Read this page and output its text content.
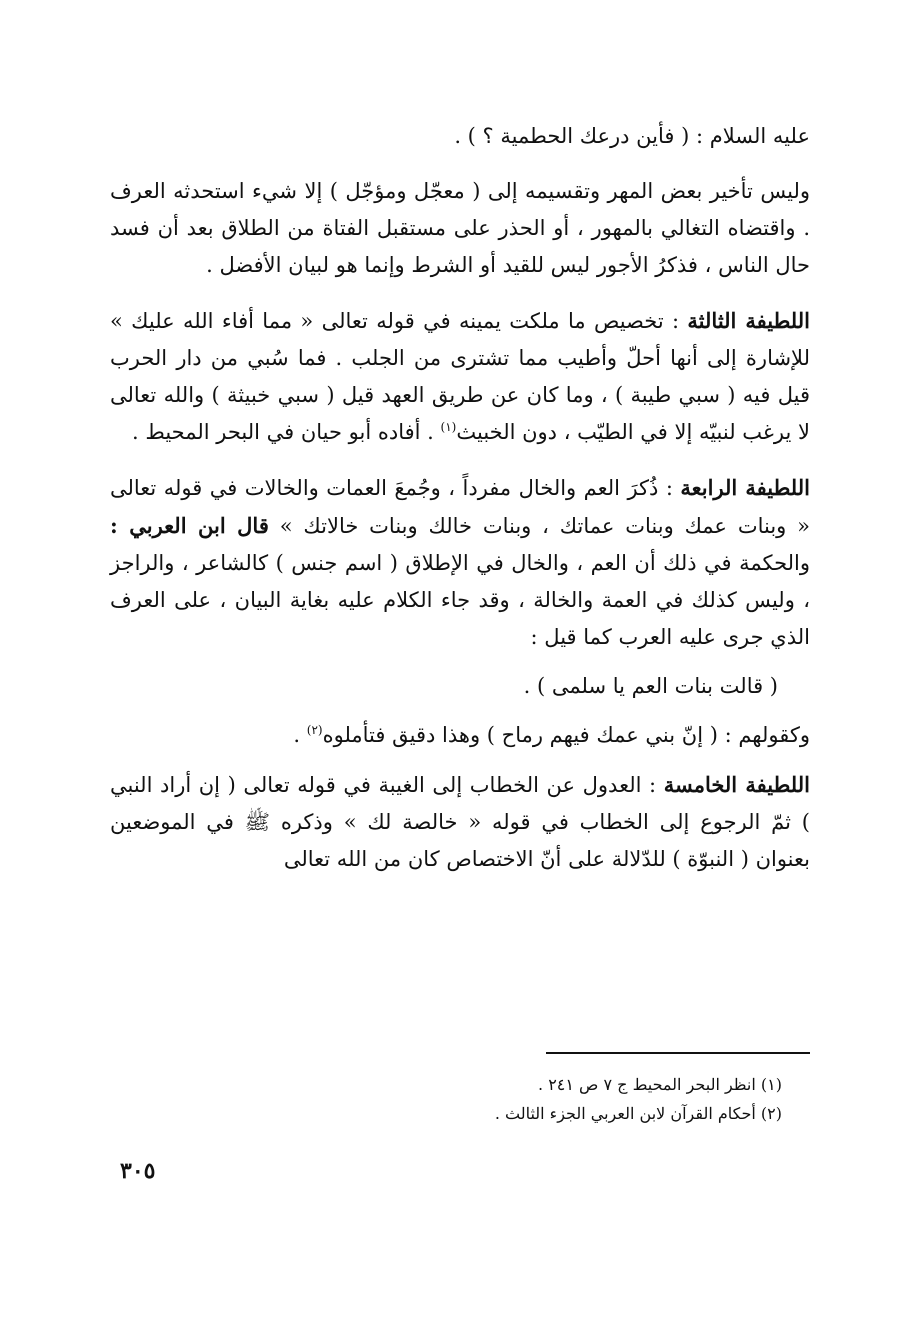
عليه السلام : ( فأين درعك الحطمية ؟ ) .

وليس تأخير بعض المهر وتقسيمه إلى ( معجّل ومؤجّل ) إلا شيء استحدثه العرف . واقتضاه التغالي بالمهور ، أو الحذر على مستقبل الفتاة من الطلاق بعد أن فسد حال الناس ، فذكرُ الأجور ليس للقيد أو الشرط وإنما هو لبيان الأفضل .

اللطيفة الثالثة : تخصيص ما ملكت يمينه في قوله تعالى « مما أفاء الله عليك » للإشارة إلى أنها أحلّ وأطيب مما تشترى من الجلب . فما سُبي من دار الحرب قيل فيه ( سبي طيبة ) ، وما كان عن طريق العهد قيل ( سبي خبيثة ) والله تعالى لا يرغب لنبيّه إلا في الطيّب ، دون الخبيث$^{(١)}$ . أفاده أبو حيان في البحر المحيط .

اللطيفة الرابعة : ذُكرَ العم والخال مفرداً ، وجُمعَ العمات والخالات في قوله تعالى « وبنات عمك وبنات عماتك ، وبنات خالك وبنات خالاتك » قال ابن العربي : والحكمة في ذلك أن العم ، والخال في الإطلاق ( اسم جنس ) كالشاعر ، والراجز ، وليس كذلك في العمة والخالة ، وقد جاء الكلام عليه بغاية البيان ، على العرف الذي جرى عليه العرب كما قيل :

( قالت بنات العم يا سلمى ) .

وكقولهم : ( إنّ بني عمك فيهم رماح ) وهذا دقيق فتأملوه$^{(٢)}$ .

اللطيفة الخامسة : العدول عن الخطاب إلى الغيبة في قوله تعالى ( إن أراد النبي ) ثمّ الرجوع إلى الخطاب في قوله « خالصة لك » وذكره ﷺ في الموضعين بعنوان ( النبوّة ) للدّلالة على أنّ الاختصاص كان من الله تعالى

(١) انظر البحر المحيط ج ٧ ص ٢٤١ .

(٢) أحكام القرآن لابن العربي الجزء الثالث .

٣٠٥
